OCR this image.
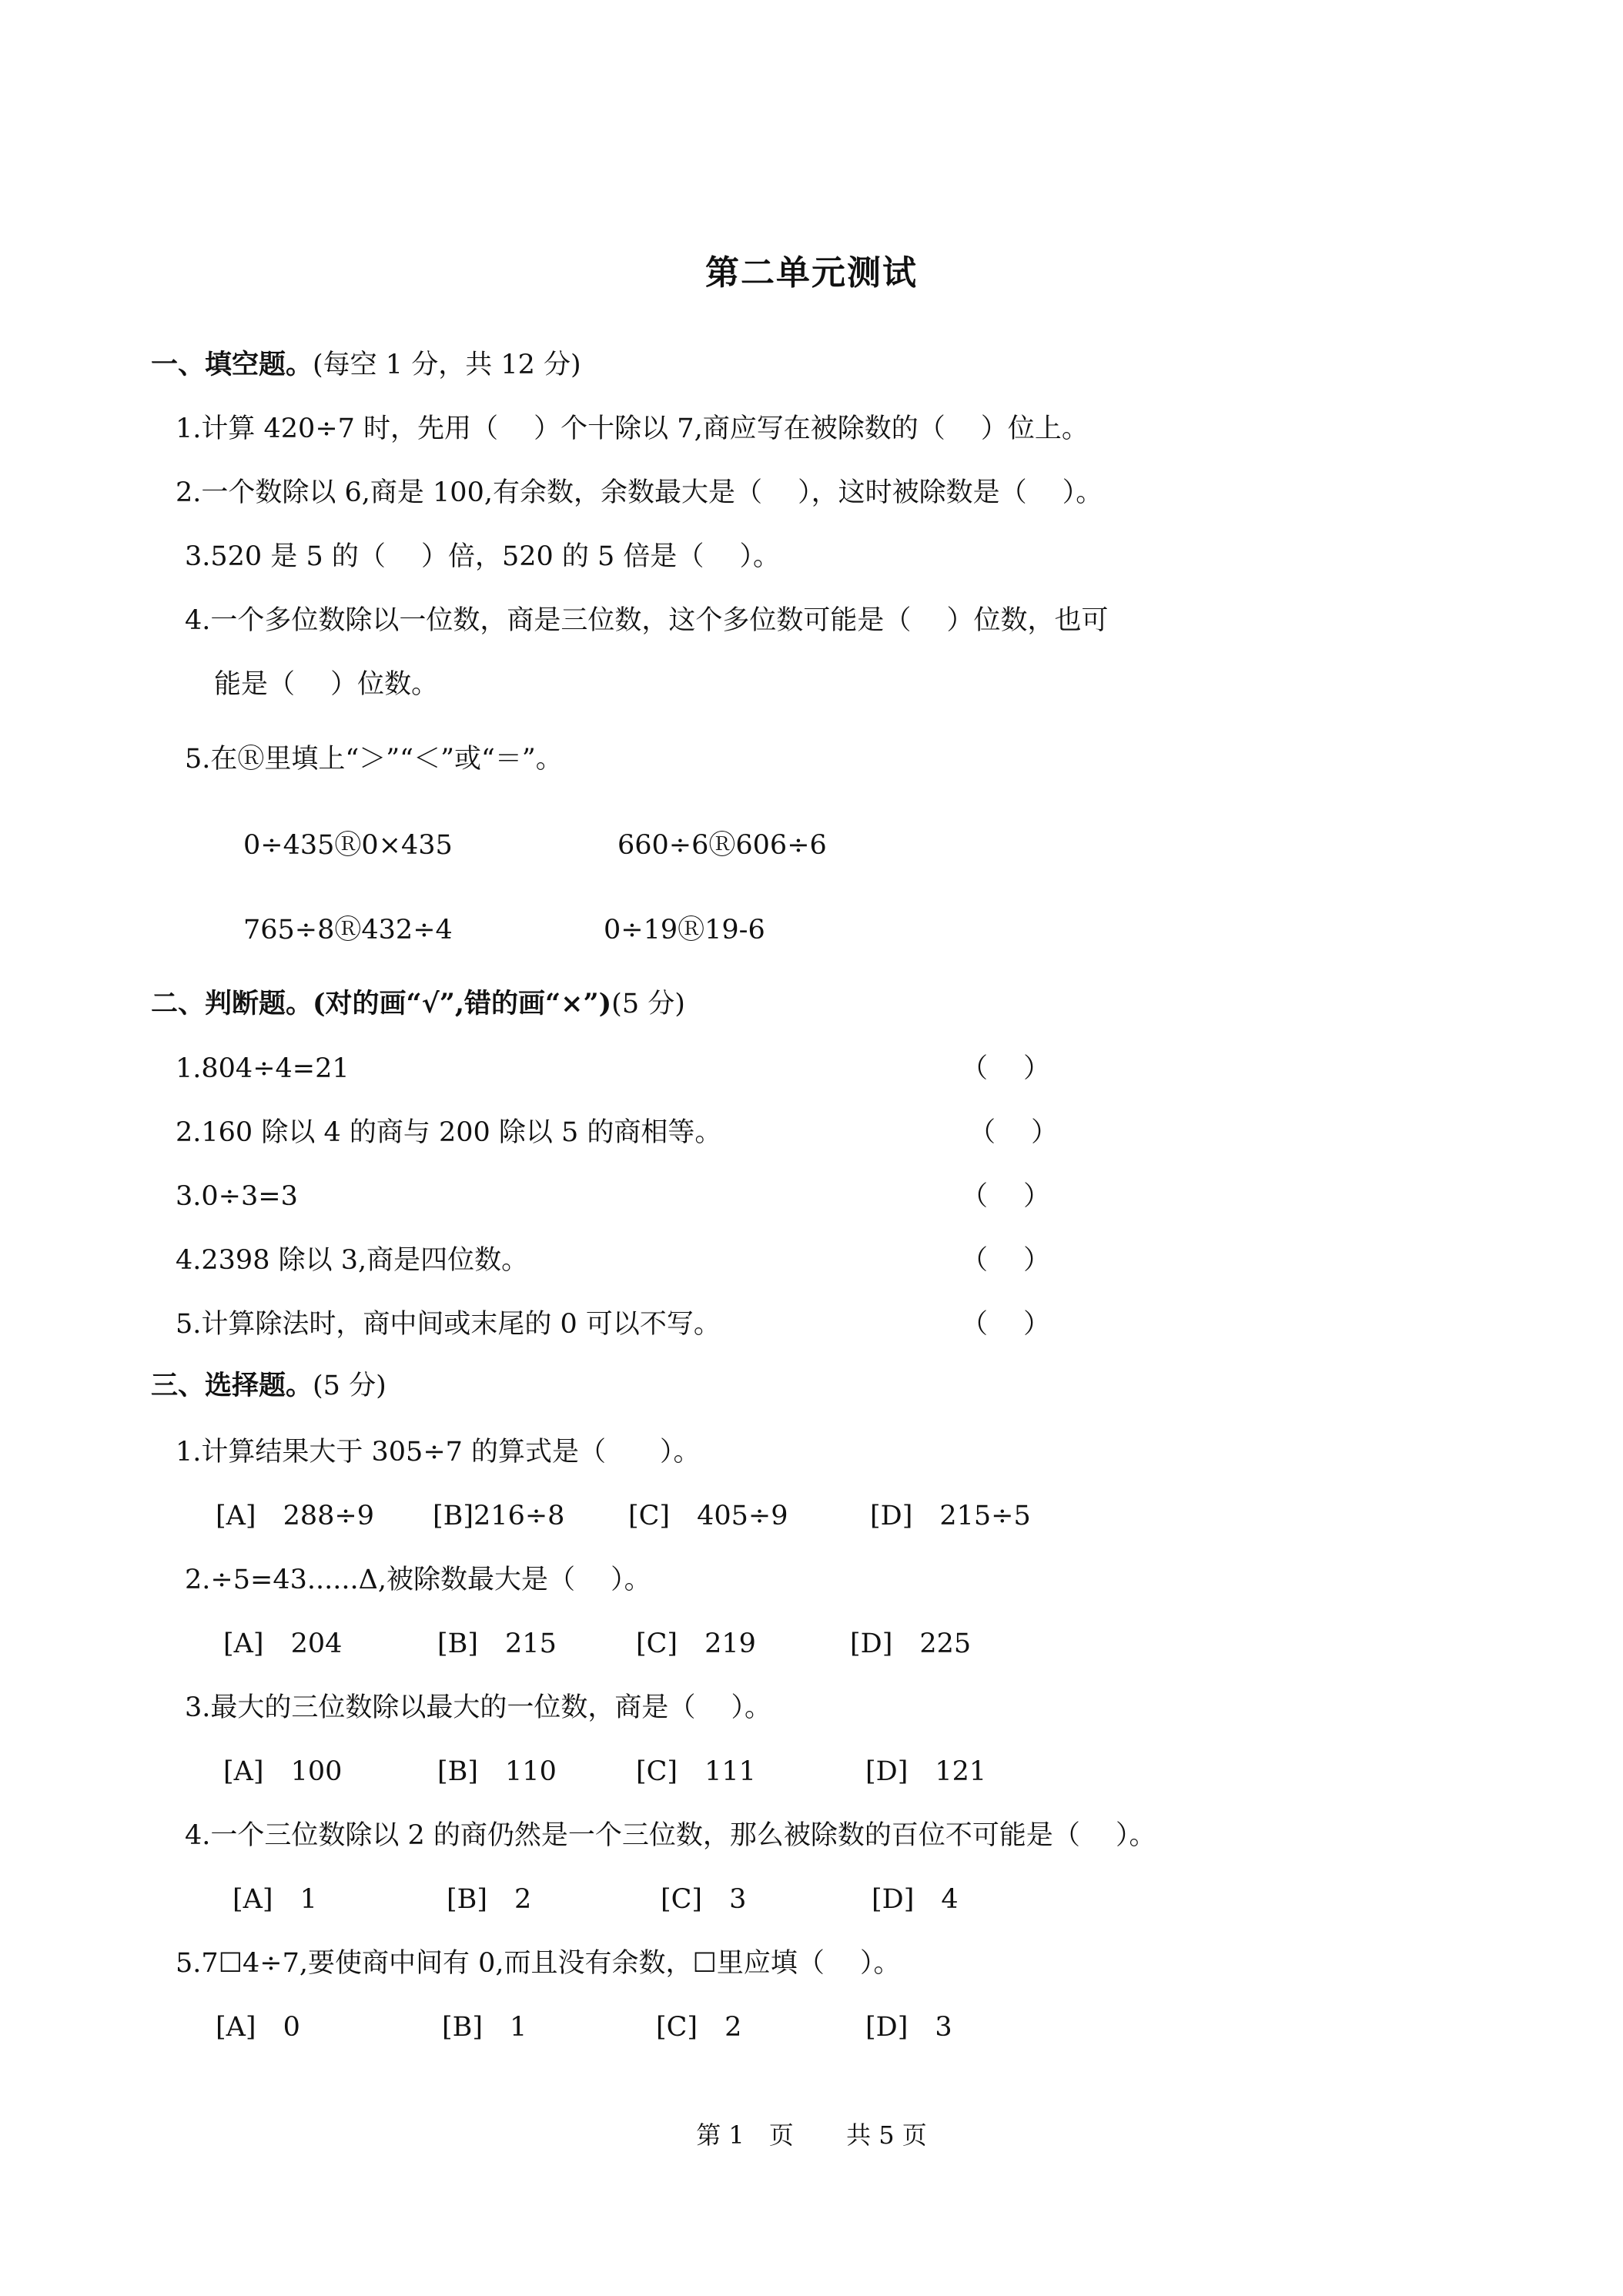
第二单元测试
一、填空题。(每空 1 分，共 12 分)
1.计算 420÷7 时，先用（　 ）个十除以 7,商应写在被除数的（　 ）位上。
2.一个数除以 6,商是 100,有余数，余数最大是（　 ），这时被除数是（　 ）。
3.520 是 5 的（　 ）倍，520 的 5 倍是（　 ）。
4.一个多位数除以一位数，商是三位数，这个多位数可能是（　 ）位数，也可
能是（　 ）位数。
5.在Ⓡ里填上“＞”“＜”或“＝”。
0÷435Ⓡ0×435	660÷6Ⓡ606÷6
765÷8Ⓡ432÷4	0÷19Ⓡ19-6
二、判断题。(对的画“√”,错的画“×”)(5 分)
1.804÷4=21	（　 ）
2.160 除以 4 的商与 200 除以 5 的商相等。	（　 ）
3.0÷3=3	（　 ）
4.2398 除以 3,商是四位数。	（　 ）
5.计算除法时，商中间或末尾的 0 可以不写。	（　 ）
三、选择题。(5 分)
1.计算结果大于 305÷7 的算式是（　　）。
[A]　288÷9 [B]216÷8 [C]　405÷9	[D]　215÷5
2.÷5=43......Δ,被除数最大是（　 ）。
[A]　204	[B]　215	[C]　219	[D]　225
3.最大的三位数除以最大的一位数，商是（　 ）。
[A]　100	[B]　110	[C]　111	[D]　121
4.一个三位数除以 2 的商仍然是一个三位数，那么被除数的百位不可能是（　 ）。
[A]　1	[B]　2	[C]　3	[D]　4
5.7☐4÷7,要使商中间有 0,而且没有余数，☐里应填（　 ）。
[A]　0	[B]　1	[C]　2	[D]　3
第 1　页 共 5 页
